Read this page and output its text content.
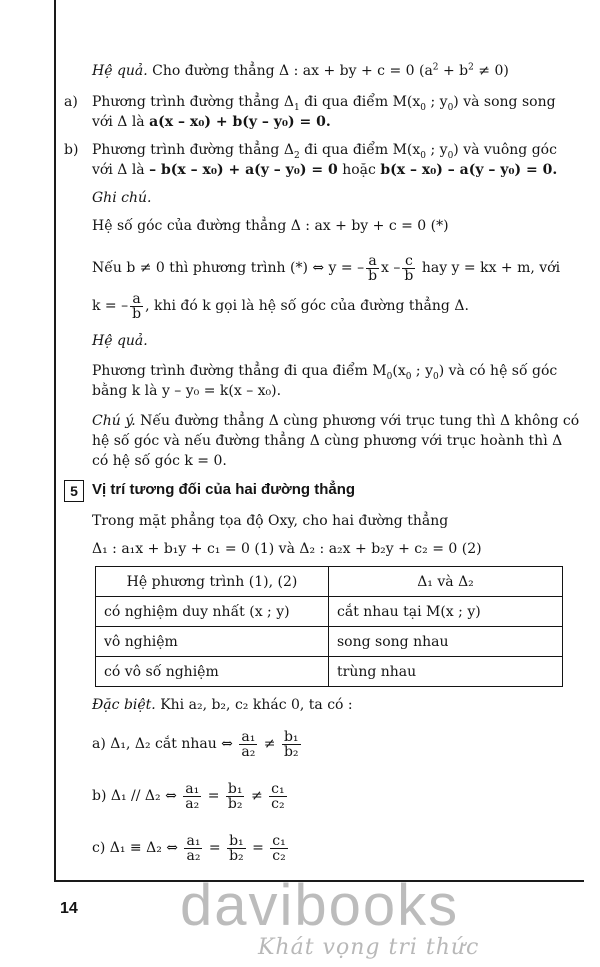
Hệ quả. Cho đường thẳng Δ : ax + by + c = 0 $(a^2 + b^2 \ne 0)$
a) Phương trình đường thẳng $\Delta_1$ đi qua điểm $M(x_0$ ; $y_0$) và song song
với Δ là a(x – x₀) + b(y – y₀) = 0.
b) Phương trình đường thẳng $\Delta_2$ đi qua điểm $M(x_0$ ; $y_0$) và vuông góc
với Δ là – b(x – x₀) + a(y – y₀) = 0 hoặc b(x – x₀) – a(y – y₀) = 0.
Ghi chú.
Hệ số góc của đường thẳng Δ : ax + by + c = 0 (*)
Nếu b ≠ 0 thì phương trình (*) ⇔ y = – $\frac{a}{b}$ x – $\frac{c}{b}$ hay y = kx + m, với
k = – $\frac{a}{b}$ , khi đó k gọi là hệ số góc của đường thẳng Δ.
Hệ quả.
Phương trình đường thẳng đi qua điểm $M_0(x_0$ ; $y_0$) và có hệ số góc
bằng k là y – y₀ = k(x – x₀).
Chú ý. Nếu đường thẳng Δ cùng phương với trục tung thì Δ không có
hệ số góc và nếu đường thẳng Δ cùng phương với trục hoành thì Δ
có hệ số góc k = 0.
5 Vị trí tương đối của hai đường thẳng
Trong mặt phẳng tọa độ Oxy, cho hai đường thẳng
Δ₁ : a₁x + b₁y + c₁ = 0 (1) và Δ₂ : a₂x + b₂y + c₂ = 0 (2)
Hệ phương trình (1), (2)	Δ₁ và Δ₂
có nghiệm duy nhất (x ; y)	cắt nhau tại M(x ; y)
vô nghiệm	song song nhau
có vô số nghiệm	trùng nhau
Đặc biệt. Khi a₂, b₂, c₂ khác 0, ta có :
a) Δ₁, Δ₂ cắt nhau ⇔ $\frac{\text{a₁}}{\text{a₂}} \ne \frac{\text{b₁}}{\text{b₂}}$
b) Δ₁ // Δ₂ ⇔ $\frac{\text{a₁}}{\text{a₂}} = \frac{\text{b₁}}{\text{b₂}} \ne \frac{\text{c₁}}{\text{c₂}}$
c) Δ₁ ≡ Δ₂ ⇔ $\frac{\text{a₁}}{\text{a₂}} = \frac{\text{b₁}}{\text{b₂}} = \frac{\text{c₁}}{\text{c₂}}$
14 davibooks
Khát vọng tri thức
